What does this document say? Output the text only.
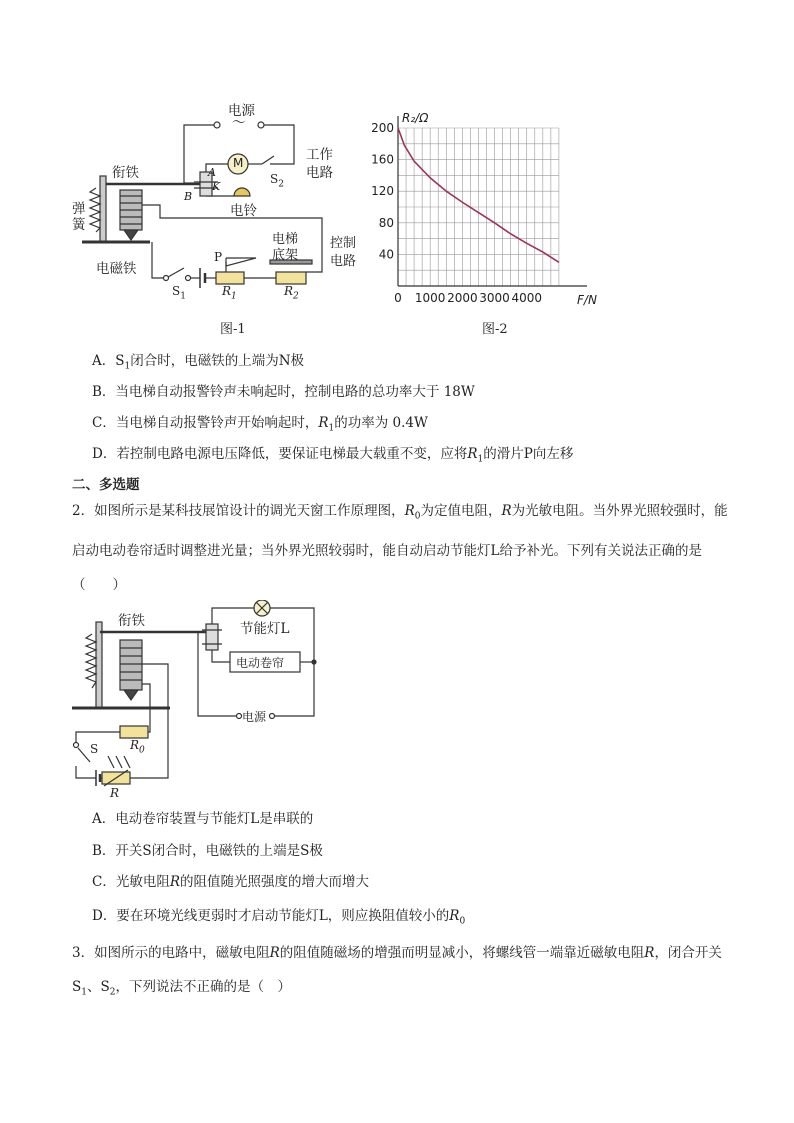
电源
～
工作
电路
衔铁
弹
簧
电磁铁
电铃
M
A
K
B
$S_2$
电梯
底架
控制
电路
P
$S_1$	$R_1$	$R_2$
图-1
40
80
120
160
200
1000 2000 3000 4000
0
R₂/Ω
F/N
图-2
A．$S_1$闭合时，电磁铁的上端为N极
B．当电梯自动报警铃声未响起时，控制电路的总功率大于 18W
C．当电梯自动报警铃声开始响起时，$R_1$的功率为 0.4W
D．若控制电路电源电压降低，要保证电梯最大载重不变，应将$R_1$的滑片P向左移
二、多选题
2．如图所示是某科技展馆设计的调光天窗工作原理图，$R_0$为定值电阻，R为光敏电阻。当外界光照较强时，能启动电动卷帘适时调整进光量；当外界光照较弱时，能自动启动节能灯L给予补光。下列有关说法正确的是（　　）
衔铁	节能灯L
电动卷帘
电源
S	$R_0$
R
A．电动卷帘装置与节能灯L是串联的
B．开关S闭合时，电磁铁的上端是S极
C．光敏电阻R的阻值随光照强度的增大而增大
D．要在环境光线更弱时才启动节能灯L，则应换阻值较小的$R_0$
3．如图所示的电路中，磁敏电阻R的阻值随磁场的增强而明显减小，将螺线管一端靠近磁敏电阻R，闭合开关$S_1$、$S_2$，下列说法不正确的是（　）
